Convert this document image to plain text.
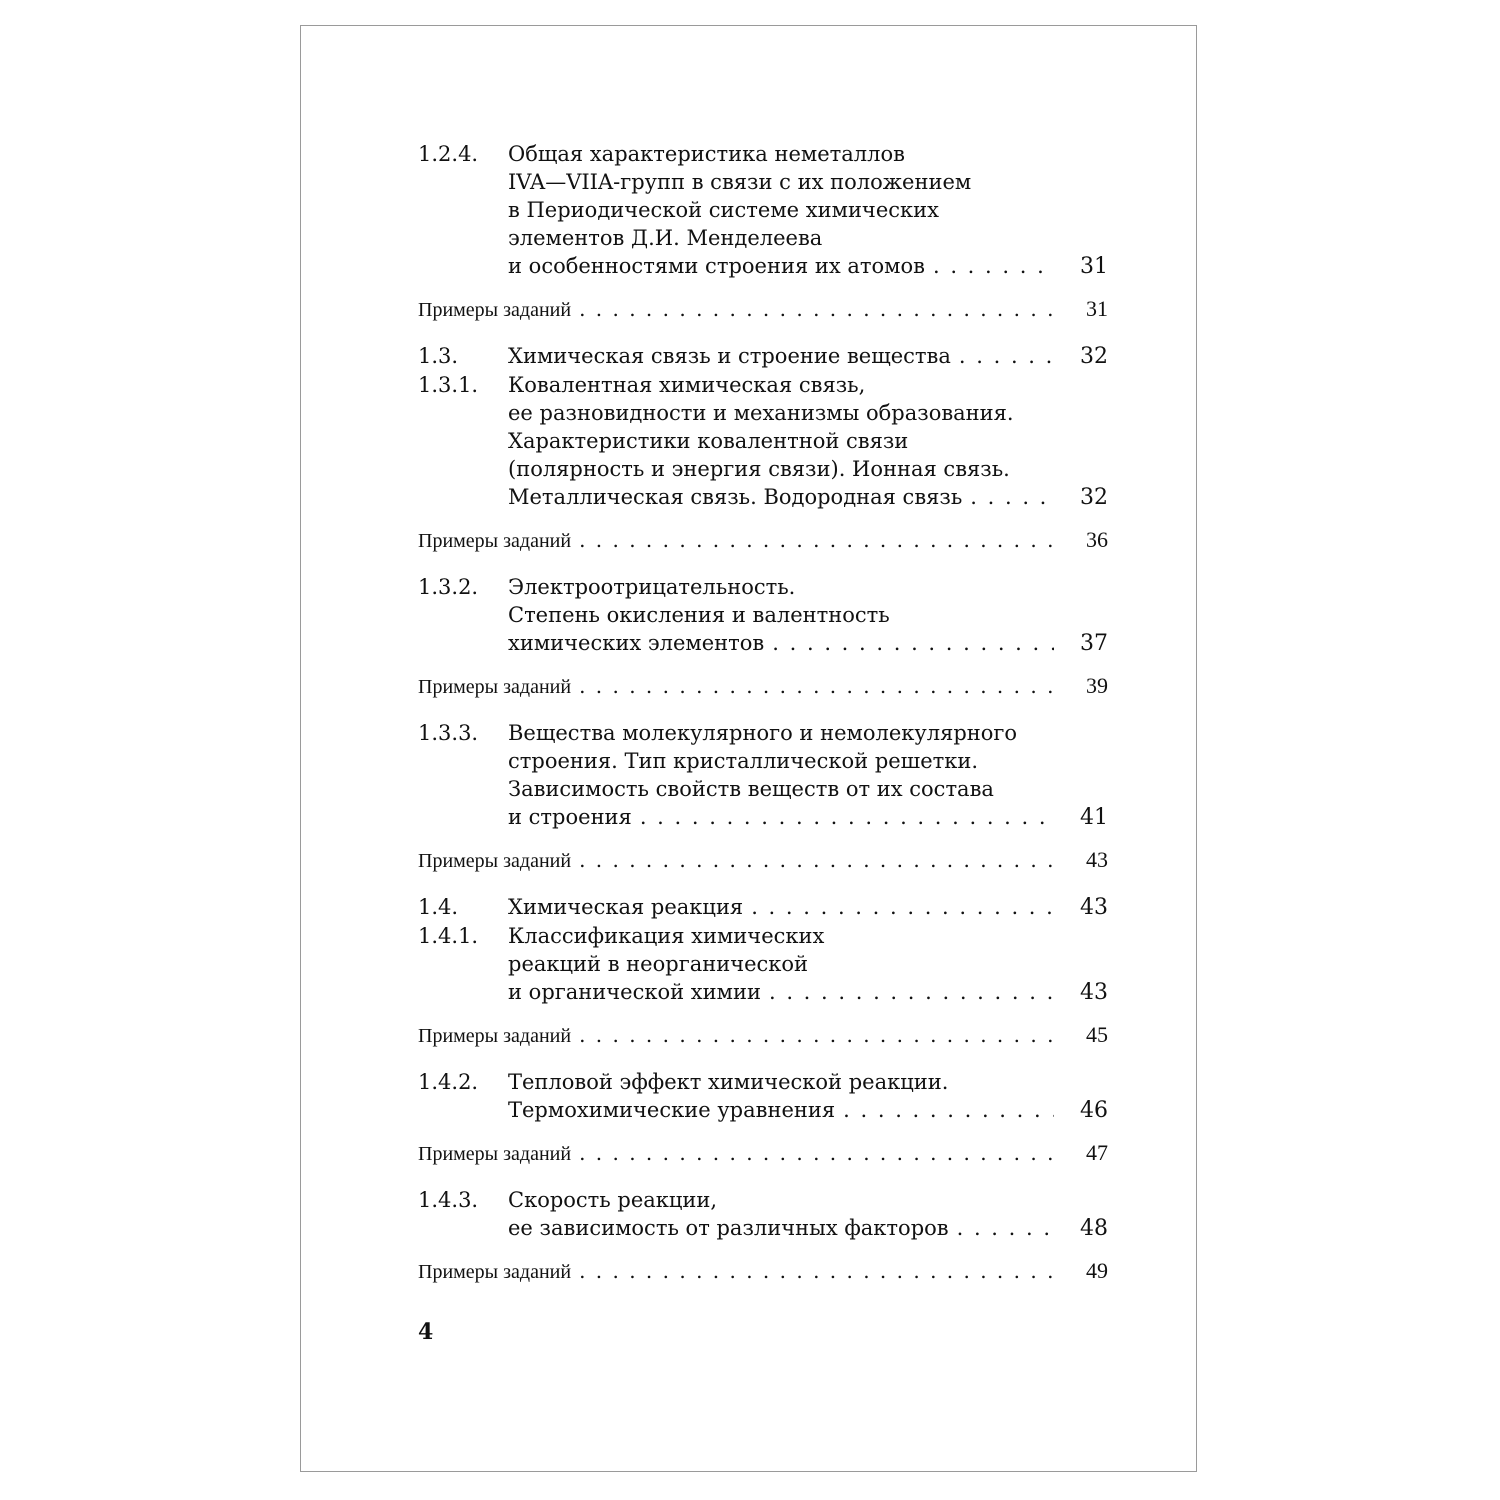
1.2.4. Общая характеристика неметаллов
IVA—VIIA-групп в связи с их положением
в Периодической системе химических
элементов Д.И. Менделеева
и особенностями строения их атомов . . .	31
Примеры заданий . . .	31
1.3. Химическая связь и строение вещества . . .	32
1.3.1. Ковалентная химическая связь,
ее разновидности и механизмы образования.
Характеристики ковалентной связи
(полярность и энергия связи). Ионная связь.
Металлическая связь. Водородная связь . . .	32
Примеры заданий . . .	36
1.3.2. Электроотрицательность.
Степень окисления и валентность
химических элементов . . .	37
Примеры заданий . . .	39
1.3.3. Вещества молекулярного и немолекулярного
строения. Тип кристаллической решетки.
Зависимость свойств веществ от их состава
и строения . . .	41
Примеры заданий . . .	43
1.4. Химическая реакция . . .	43
1.4.1. Классификация химических
реакций в неорганической
и органической химии . . .	43
Примеры заданий . . .	45
1.4.2. Тепловой эффект химической реакции.
Термохимические уравнения . . .	46
Примеры заданий . . .	47
1.4.3. Скорость реакции,
ее зависимость от различных факторов . . .	48
Примеры заданий . . .	49
4
